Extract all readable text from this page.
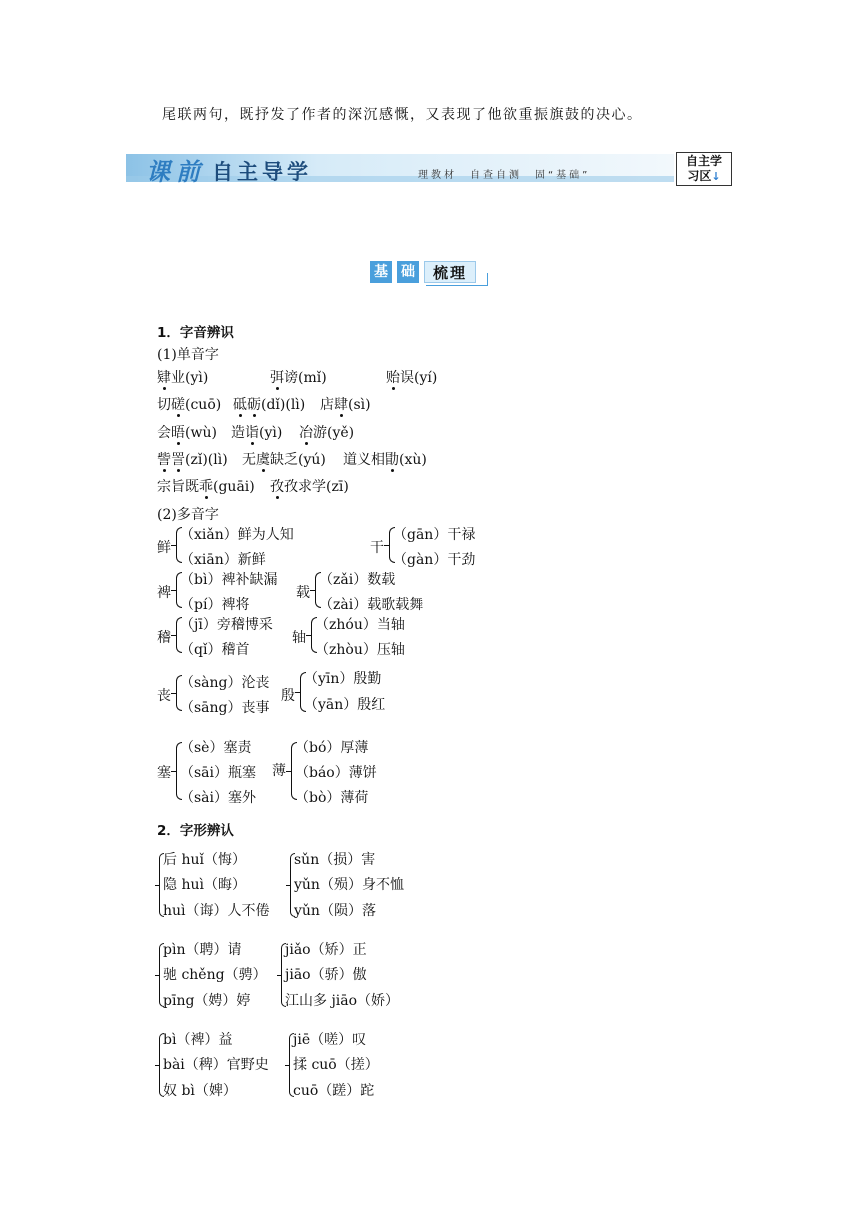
尾联两句，既抒发了作者的深沉感慨，又表现了他欲重振旗鼓的决心。
课前 自主导学	理教材　自查自测　固“基础”
自主学
习区↓
基 础	梳理
1．字音辨识
(1)单音字
肄业(yì)	弭谤(mǐ)	贻误(yí)
切磋(cuō) 砥砺(dǐ)(lì) 店肆(sì)
会晤(wù) 造诣(yì) 冶游(yě)
訾詈(zǐ)(lì) 无虞缺乏(yú) 道义相勖(xù)
宗旨既乖(guāi) 孜孜求学(zī)
(2)多音字
鲜
（xiǎn）鲜为人知
（xiān）新鲜
干
（gān）干禄
（gàn）干劲
裨
（bì）裨补缺漏
（pí）裨将
载
（zǎi）数载
（zài）载歌载舞
稽
（jī）旁稽博采
（qǐ）稽首
轴
（zhóu）当轴
（zhòu）压轴
丧
（sàng）沦丧
（sāng）丧事
殷
（yīn）殷勤
（yān）殷红
塞
（sè）塞责
（sāi）瓶塞
（sài）塞外
薄
（bó）厚薄
（báo）薄饼
（bò）薄荷
2．字形辨认
后 huǐ（悔）
隐 huì（晦）
huì（诲）人不倦
sǔn（损）害
yǔn（殒）身不恤
yǔn（陨）落
pìn（聘）请
驰 chěng（骋）
pīng（娉）婷
jiǎo（矫）正
jiāo（骄）傲
江山多 jiāo（娇）
bì（裨）益
bài（稗）官野史
奴 bì（婢）
jiē（嗟）叹
揉 cuō（搓）
cuō（蹉）跎
